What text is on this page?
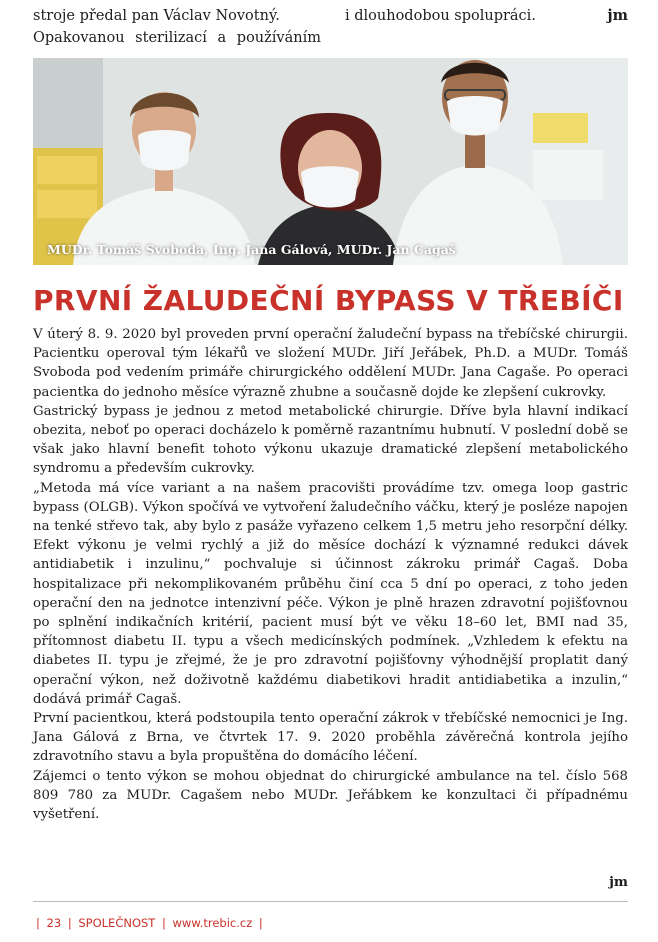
stroje předal pan Václav Novotný.	i dlouhodobou spolupráci.	jm
Opakovanou sterilizací a používáním
MUDr. Tomáš Svoboda, Ing. Jana Gálová, MUDr. Jan Cagaš
PRVNÍ ŽALUDEČNÍ BYPASS V TŘEBÍČI

V úterý 8. 9. 2020 byl proveden první operační žaludeční bypass na třebíčské chirurgii. Pacientku operoval tým lékařů ve složení MUDr. Jiří Jeřábek, Ph.D. a MUDr. Tomáš Svoboda pod vedením primáře chirurgického oddělení MUDr. Jana Cagaše. Po operaci pacientka do jednoho měsíce výrazně zhubne a současně dojde ke zlepšení cukrovky.

Gastrický bypass je jednou z metod metabolické chirurgie. Dříve byla hlavní indikací obezita, neboť po operaci docházelo k poměrně razantnímu hubnutí. V poslední době se však jako hlavní benefit tohoto výkonu ukazuje dramatické zlepšení metabolického syndromu a především cukrovky.

„Metoda má více variant a na našem pracovišti provádíme tzv. omega loop gastric bypass (OLGB). Výkon spočívá ve vytvoření žaludečního váčku, který je posléze napojen na tenké střevo tak, aby bylo z pasáže vyřazeno celkem 1,5 metru jeho resorpční délky. Efekt výkonu je velmi rychlý a již do měsíce dochází k významné redukci dávek antidiabetik i inzulinu,“ pochvaluje si účinnost zákroku primář Cagaš. Doba hospitalizace při nekomplikovaném průběhu činí cca 5 dní po operaci, z toho jeden operační den na jednotce intenzivní péče. Výkon je plně hrazen zdravotní pojišťovnou po splnění indikačních kritérií, pacient musí být ve věku 18–60 let, BMI nad 35, přítomnost diabetu II. typu a všech medicínských podmínek. „Vzhledem k efektu na diabetes II. typu je zřejmé, že je pro zdravotní pojišťovny výhodnější proplatit daný operační výkon, než doživotně každému diabetikovi hradit antidiabetika a inzulin,“ dodává primář Cagaš.

První pacientkou, která podstoupila tento operační zákrok v třebíčské nemocnici je Ing. Jana Gálová z Brna, ve čtvrtek 17. 9. 2020 proběhla závěrečná kontrola jejího zdravotního stavu a byla propuštěna do domácího léčení.

Zájemci o tento výkon se mohou objednat do chirurgické ambulance na tel. číslo 568 809 780 za MUDr. Cagašem nebo MUDr. Jeřábkem ke konzultaci či případnému vyšetření.

jm
| 23 | SPOLEČNOST | www.trebic.cz |
